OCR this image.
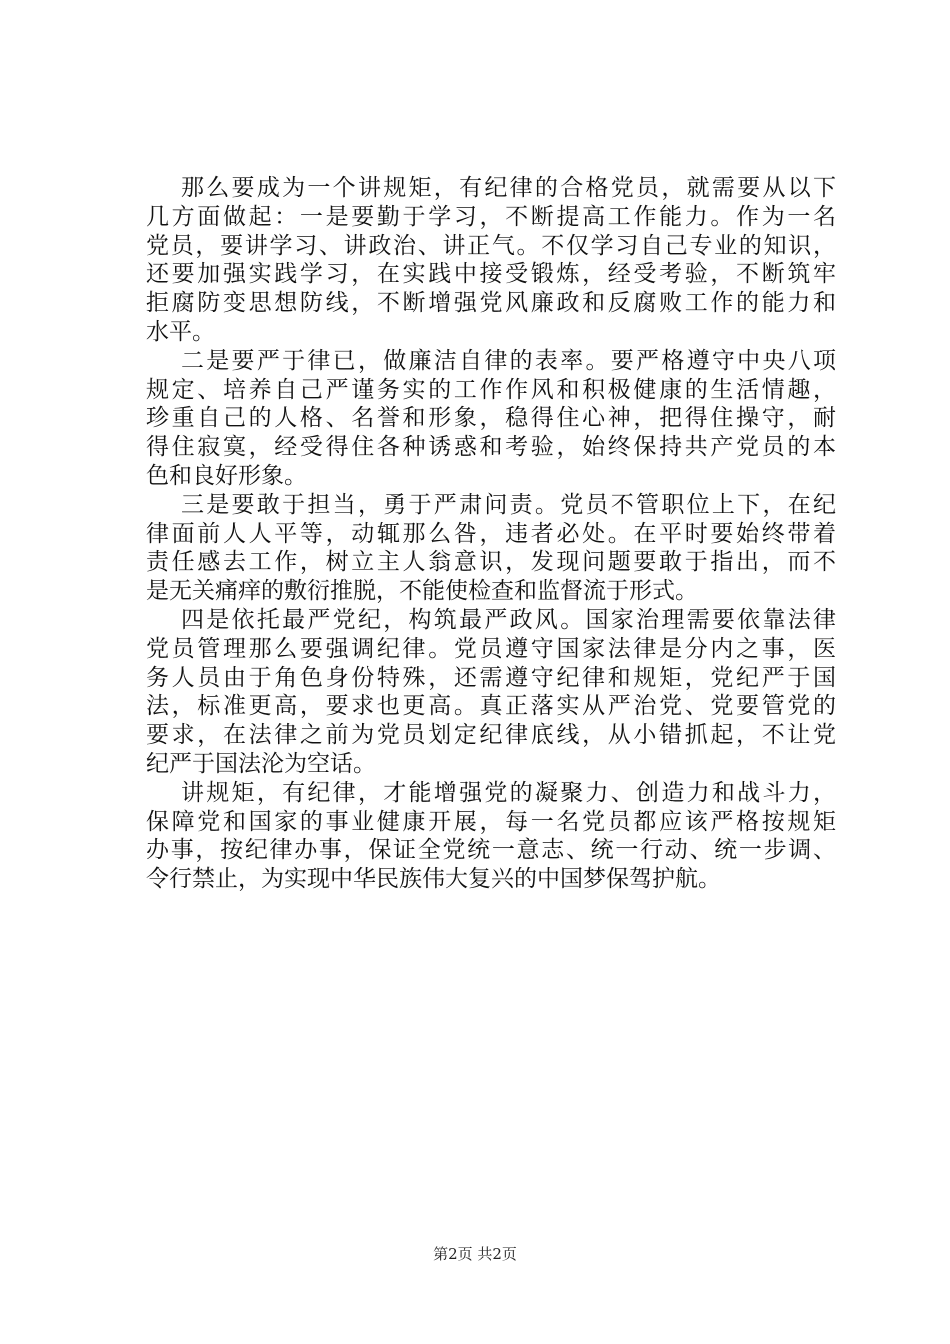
那么要成为一个讲规矩，有纪律的合格党员，就需要从以下
几方面做起：一是要勤于学习，不断提高工作能力。作为一名
党员，要讲学习、讲政治、讲正气。不仅学习自己专业的知识，
还要加强实践学习，在实践中接受锻炼，经受考验，不断筑牢
拒腐防变思想防线，不断增强党风廉政和反腐败工作的能力和
水平。
二是要严于律已，做廉洁自律的表率。要严格遵守中央八项
规定、培养自己严谨务实的工作作风和积极健康的生活情趣，
珍重自己的人格、名誉和形象，稳得住心神，把得住操守，耐
得住寂寞，经受得住各种诱惑和考验，始终保持共产党员的本
色和良好形象。
三是要敢于担当，勇于严肃问责。党员不管职位上下，在纪
律面前人人平等，动辄那么咎，违者必处。在平时要始终带着
责任感去工作，树立主人翁意识，发现问题要敢于指出，而不
是无关痛痒的敷衍推脱，不能使检查和监督流于形式。
四是依托最严党纪，构筑最严政风。国家治理需要依靠法律
党员管理那么要强调纪律。党员遵守国家法律是分内之事，医
务人员由于角色身份特殊，还需遵守纪律和规矩，党纪严于国
法，标准更高，要求也更高。真正落实从严治党、党要管党的
要求，在法律之前为党员划定纪律底线，从小错抓起，不让党
纪严于国法沦为空话。
讲规矩，有纪律，才能增强党的凝聚力、创造力和战斗力，
保障党和国家的事业健康开展，每一名党员都应该严格按规矩
办事，按纪律办事，保证全党统一意志、统一行动、统一步调、
令行禁止，为实现中华民族伟大复兴的中国梦保驾护航。
第2页 共2页
